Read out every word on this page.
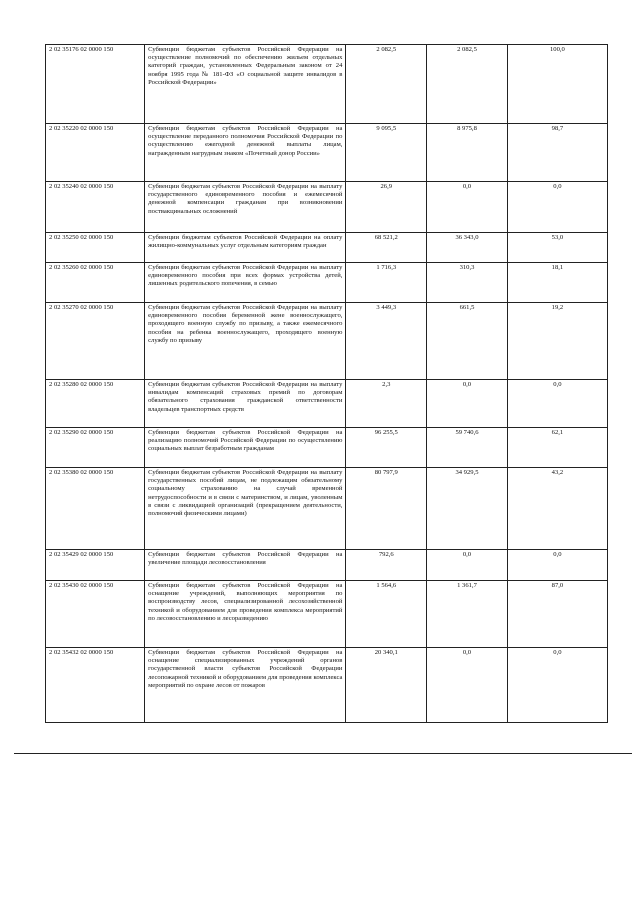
2 02 35176 02 0000 150	Субвенции бюджетам субъектов Российской Федерации на осуществление полномочий по обеспечению жильем отдельных категорий граждан, установленных Федеральным законом от 24 ноября 1995 года № 181-ФЗ «О социальной защите инвалидов в Российской Федерации»	2 082,5	2 082,5	100,0
2 02 35220 02 0000 150	Субвенции бюджетам субъектов Российской Федерации на осуществление переданного полномочия Российской Федерации по осуществлению ежегодной денежной выплаты лицам, награжденным нагрудным знаком «Почетный донор России»	9 095,5	8 975,8	98,7
2 02 35240 02 0000 150	Субвенции бюджетам субъектов Российской Федерации на выплату государственного единовременного пособия и ежемесячной денежной компенсации гражданам при возникновении поствакцинальных осложнений	26,9	0,0	0,0
2 02 35250 02 0000 150	Субвенции бюджетам субъектов Российской Федерации на оплату жилищно-коммунальных услуг отдельным категориям граждан	68 521,2	36 343,0	53,0
2 02 35260 02 0000 150	Субвенции бюджетам субъектов Российской Федерации на выплату единовременного пособия при всех формах устройства детей, лишенных родительского попечения, в семью	1 716,3	310,3	18,1
2 02 35270 02 0000 150	Субвенции бюджетам субъектов Российской Федерации на выплату единовременного пособия беременной жене военнослужащего, проходящего военную службу по призыву, а также ежемесячного пособия на ребенка военнослужащего, проходящего военную службу по призыву	3 449,3	661,5	19,2
2 02 35280 02 0000 150	Субвенции бюджетам субъектов Российской Федерации на выплату инвалидам компенсаций страховых премий по договорам обязательного страхования гражданской ответственности владельцев транспортных средств	2,3	0,0	0,0
2 02 35290 02 0000 150	Субвенции бюджетам субъектов Российской Федерации на реализацию полномочий Российской Федерации по осуществлению социальных выплат безработным гражданам	96 255,5	59 740,6	62,1
2 02 35380 02 0000 150	Субвенции бюджетам субъектов Российской Федерации на выплату государственных пособий лицам, не подлежащим обязательному социальному страхованию на случай временной нетрудоспособности и в связи с материнством, и лицам, уволенным в связи с ликвидацией организаций (прекращением деятельности, полномочий физическими лицами)	80 797,9	34 929,5	43,2
2 02 35429 02 0000 150	Субвенции бюджетам субъектов Российской Федерации на увеличение площади лесовосстановления	792,6	0,0	0,0
2 02 35430 02 0000 150	Субвенции бюджетам субъектов Российской Федерации на оснащение учреждений, выполняющих мероприятия по воспроизводству лесов, специализированной лесохозяйственной техникой и оборудованием для проведения комплекса мероприятий по лесовосстановлению и лесоразведению	1 564,6	1 361,7	87,0
2 02 35432 02 0000 150	Субвенции бюджетам субъектов Российской Федерации на оснащение специализированных учреждений органов государственной власти субъектов Российской Федерации лесопожарной техникой и оборудованием для проведения комплекса мероприятий по охране лесов от пожаров	20 340,1	0,0	0,0
